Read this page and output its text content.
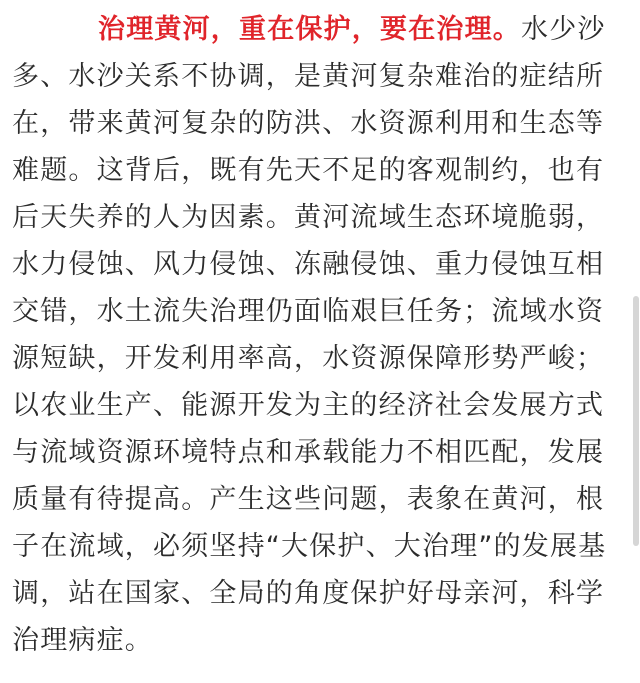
治理黄河，重在保护，要在治理。水少沙
多、水沙关系不协调，是黄河复杂难治的症结所
在，带来黄河复杂的防洪、水资源利用和生态等
难题。这背后，既有先天不足的客观制约，也有
后天失养的人为因素。黄河流域生态环境脆弱，
水力侵蚀、风力侵蚀、冻融侵蚀、重力侵蚀互相
交错，水土流失治理仍面临艰巨任务；流域水资
源短缺，开发利用率高，水资源保障形势严峻；
以农业生产、能源开发为主的经济社会发展方式
与流域资源环境特点和承载能力不相匹配，发展
质量有待提高。产生这些问题，表象在黄河，根
子在流域，必须坚持“大保护、大治理”的发展基
调，站在国家、全局的角度保护好母亲河，科学
治理病症。
